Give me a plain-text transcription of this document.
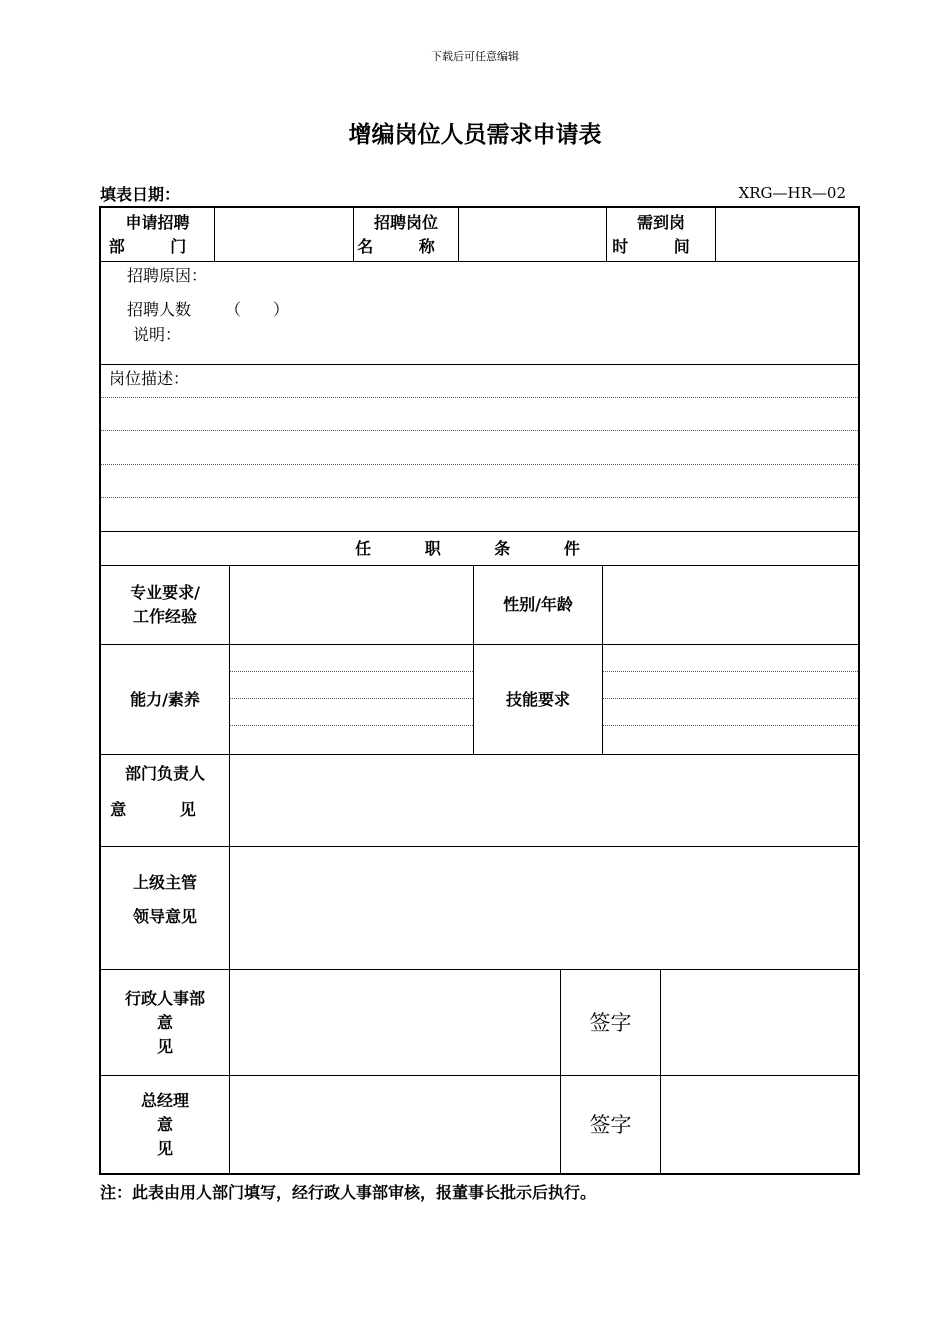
下载后可任意编辑
增编岗位人员需求申请表
填表日期：	XRG—HR—02
申请招聘
部 门
招聘岗位
名 称
需到岗
时 间
招聘原因：
招聘人数 （　　）
说明：
岗位描述：
任 职 条 件
专业要求/
工作经验
性别/年龄
能力/素养	技能要求
部门负责人
意 见
上级主管
领导意见
行政人事部
意 见
签字
总经理
意 见
签字
注：此表由用人部门填写，经行政人事部审核，报董事长批示后执行。
